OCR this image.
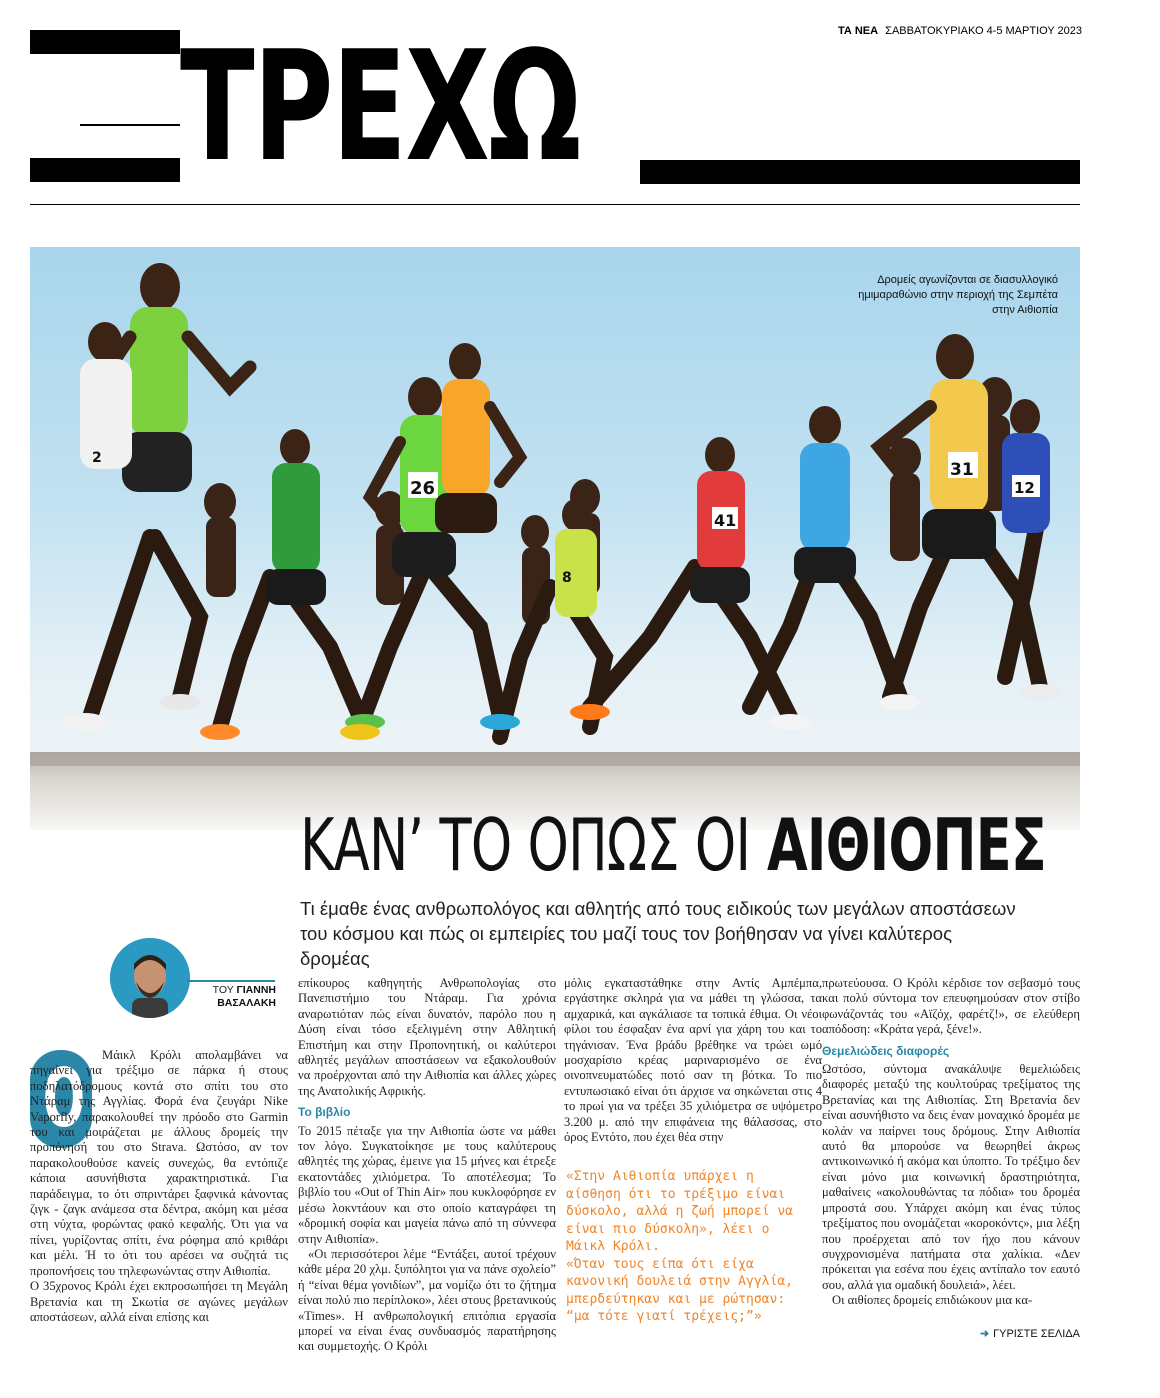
ΤΡΕΧΩ	ΤΑ ΝΕΑ ΣΑΒΒΑΤΟΚΥΡΙΑΚΟ 4-5 ΜΑΡΤΙΟΥ 2023
26
41
31
12
2
8
Δρομείς αγωνίζονται σε διασυλλογικό ημιμαραθώνιο στην περιοχή της Σεμπέτα στην Αιθιοπία
ΚΑΝ’ ΤΟ ΟΠΩΣ ΟΙ ΑΙΘΙΟΠΕΣ
Τι έμαθε ένας ανθρωπολόγος και αθλητής από τους ειδικούς των μεγάλων αποστάσεων του κόσμου και πώς οι εμπειρίες του μαζί τους τον βοήθησαν να γίνει καλύτερος δρομέας
ΤΟΥ ΓΙΑΝΝΗ
ΒΑΣΑΛΑΚΗ
Ο	Μάικλ Κρόλι απολαμβάνει να πηγαίνει για τρέξιμο σε πάρκα ή στους ποδηλατόδρομους κοντά στο σπίτι του στο Ντάραμ της Αγγλίας. Φορά ένα ζευγάρι Nike Vaporfly, παρακολουθεί την πρόοδο στο Garmin του και μοιράζεται με άλλους δρομείς την προπόνησή του στο Strava. Ωστόσο, αν τον παρακολουθούσε κανείς συνεχώς, θα εντόπιζε κάποια ασυνήθιστα χαρακτηριστικά. Για παράδειγμα, το ότι σπριντάρει ξαφνικά κάνοντας ζιγκ - ζαγκ ανάμεσα στα δέντρα, ακόμη και μέσα στη νύχτα, φορώντας φακό κεφαλής. Ότι για να πίνει, γυρίζοντας σπίτι, ένα ρόφημα από κριθάρι και μέλι. Ή το ότι του αρέσει να συζητά τις προπονήσεις του τηλεφωνώντας στην Αιθιοπία.

Ο 35χρονος Κρόλι έχει εκπροσωπήσει τη Μεγάλη Βρετανία και τη Σκωτία σε αγώνες μεγάλων αποστάσεων, αλλά είναι επίσης και

επίκουρος καθηγητής Ανθρωπολογίας στο Πανεπιστήμιο του Ντάραμ. Για χρόνια αναρωτιόταν πώς είναι δυνατόν, παρόλο που η Δύση είναι τόσο εξελιγμένη στην Αθλητική Επιστήμη και στην Προπονητική, οι καλύτεροι αθλητές μεγάλων αποστάσεων να εξακολουθούν να προέρχονται από την Αιθιοπία και άλλες χώρες της Ανατολικής Αφρικής.

Το βιβλίο

Το 2015 πέταξε για την Αιθιοπία ώστε να μάθει τον λόγο. Συγκατοίκησε με τους καλύτερους αθλητές της χώρας, έμεινε για 15 μήνες και έτρεξε εκατοντάδες χιλιόμετρα. Το αποτέλεσμα; Το βιβλίο του «Out of Thin Air» που κυκλοφόρησε εν μέσω λοκντάουν και στο οποίο καταγράφει τη «δρομική σοφία και μαγεία πάνω από τη σύννεφα στην Αιθιοπία».

«Οι περισσότεροι λέμε “Εντάξει, αυτοί τρέχουν κάθε μέρα 20 χλμ. ξυπόλητοι για να πάνε σχολείο” ή “είναι θέμα γονιδίων”, μα νομίζω ότι το ζήτημα είναι πολύ πιο περίπλοκο», λέει στους βρετανικούς «Times». Η ανθρωπολογική επιτόπια εργασία μπορεί να είναι ένας συνδυασμός παρατήρησης και συμμετοχής. Ο Κρόλι

μόλις εγκαταστάθηκε στην Αντίς Αμπέμπα, εργάστηκε σκληρά για να μάθει τη γλώσσα, τα αμχαρικά, και αγκάλιασε τα τοπικά έθιμα. Οι νέοι φίλοι του έσφαξαν ένα αρνί για χάρη του και το τηγάνισαν. Ένα βράδυ βρέθηκε να τρώει ωμό μοσχαρίσιο κρέας μαριναρισμένο σε ένα οινοπνευματώδες ποτό σαν τη βότκα. Το πιο εντυπωσιακό είναι ότι άρχισε να σηκώνεται στις 4 το πρωί για να τρέξει 35 χιλιόμετρα σε υψόμετρο 3.200 μ. από την επιφάνεια της θάλασσας, στο όρος Εντότο, που έχει θέα στην

«Στην Αιθιοπία υπάρχει η αίσθηση ότι το τρέξιμο είναι δύσκολο, αλλά η ζωή μπορεί να είναι πιο δύσκολη», λέει ο Μάικλ Κρόλι.

«Όταν τους είπα ότι είχα κανονική δουλειά στην Αγγλία, μπερδεύτηκαν και με ρώτησαν: “μα τότε γιατί τρέχεις;”»

πρωτεύουσα. Ο Κρόλι κέρδισε τον σεβασμό τους και πολύ σύντομα τον επευφημούσαν στον στίβο φωνάζοντάς του «Αϊζόχ, φαρέτζ!», σε ελεύθερη απόδοση: «Κράτα γερά, ξένε!».

Θεμελιώδεις διαφορές

Ωστόσο, σύντομα ανακάλυψε θεμελιώδεις διαφορές μεταξύ της κουλτούρας τρεξίματος της Βρετανίας και της Αιθιοπίας. Στη Βρετανία δεν είναι ασυνήθιστο να δεις έναν μοναχικό δρομέα με κολάν να παίρνει τους δρόμους. Στην Αιθιοπία αυτό θα μπορούσε να θεωρηθεί άκρως αντικοινωνικό ή ακόμα και ύποπτο. Το τρέξιμο δεν είναι μόνο μια κοινωνική δραστηριότητα, μαθαίνεις «ακολουθώντας τα πόδια» του δρομέα μπροστά σου. Υπάρχει ακόμη και ένας τύπος τρεξίματος που ονομάζεται «κοροκόντς», μια λέξη που προέρχεται από τον ήχο που κάνουν συγχρονισμένα πατήματα στα χαλίκια. «Δεν πρόκειται για εσένα που έχεις αντίπαλο τον εαυτό σου, αλλά για ομαδική δουλειά», λέει.

Οι αιθίοπες δρομείς επιδιώκουν μια κα-

➜ ΓΥΡΙΣΤΕ ΣΕΛΙΔΑ
